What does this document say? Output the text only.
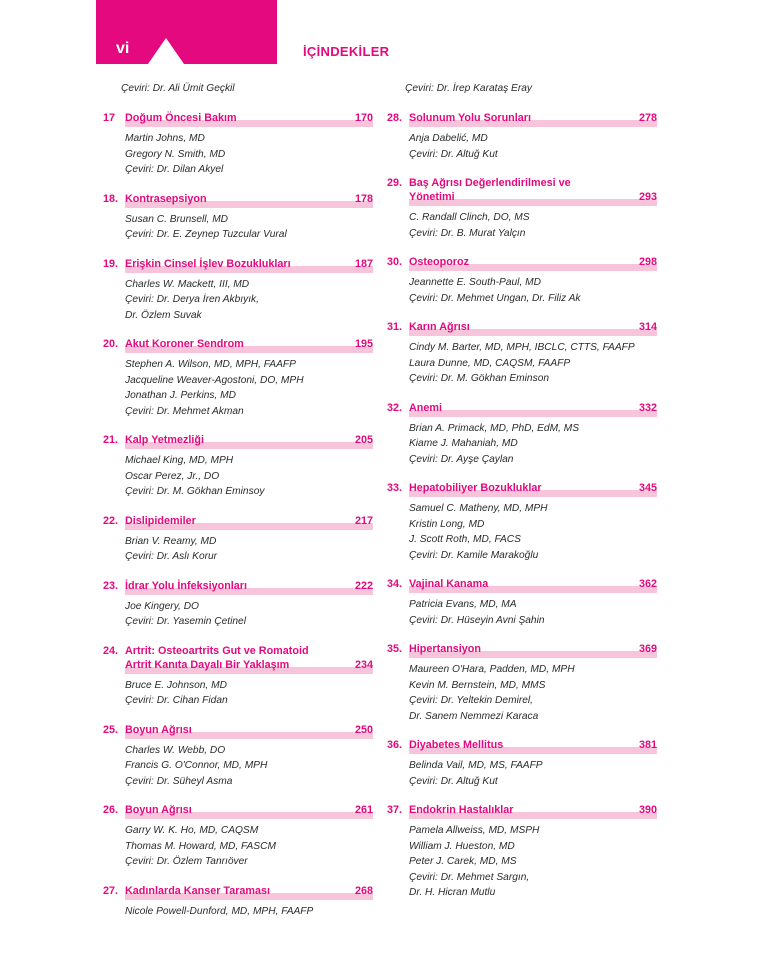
vi	İÇİNDEKİLER
Çeviri: Dr. Ali Ümit Geçkil
17 Doğum Öncesi Bakım	170
Martin Johns, MD
Gregory N. Smith, MD
Çeviri: Dr. Dilan Akyel
18. Kontrasepsiyon	178
Susan C. Brunsell, MD
Çeviri: Dr. E. Zeynep Tuzcular Vural
19. Erişkin Cinsel İşlev Bozuklukları	187
Charles W. Mackett, III, MD
Çeviri: Dr. Derya İren Akbıyık,
Dr. Özlem Suvak
20. Akut Koroner Sendrom	195
Stephen A. Wilson, MD, MPH, FAAFP
Jacqueline Weaver-Agostoni, DO, MPH
Jonathan J. Perkins, MD
Çeviri: Dr. Mehmet Akman
21. Kalp Yetmezliği	205
Michael King, MD, MPH
Oscar Perez, Jr., DO
Çeviri: Dr. M. Gökhan Eminsoy
22. Dislipidemiler	217
Brian V. Reamy, MD
Çeviri: Dr. Aslı Korur
23. İdrar Yolu İnfeksiyonları	222
Joe Kingery, DO
Çeviri: Dr. Yasemin Çetinel
24. Artrit: Osteoartrits Gut ve Romatoid Artrit Kanıta Dayalı Bir Yaklaşım	234
Bruce E. Johnson, MD
Çeviri: Dr. Cihan Fidan
25. Boyun Ağrısı	250
Charles W. Webb, DO
Francis G. O'Connor, MD, MPH
Çeviri: Dr. Süheyl Asma
26. Boyun Ağrısı	261
Garry W. K. Ho, MD, CAQSM
Thomas M. Howard, MD, FASCM
Çeviri: Dr. Özlem Tanrıöver
27. Kadınlarda Kanser Taraması	268
Nicole Powell-Dunford, MD, MPH, FAAFP
Çeviri: Dr. İrep Karataş Eray
28. Solunum Yolu Sorunları	278
Anja Dabelić, MD
Çeviri: Dr. Altuğ Kut
29. Baş Ağrısı Değerlendirilmesi ve Yönetimi	293
C. Randall Clinch, DO, MS
Çeviri: Dr. B. Murat Yalçın
30. Osteoporoz	298
Jeannette E. South-Paul, MD
Çeviri: Dr. Mehmet Ungan, Dr. Filiz Ak
31. Karın Ağrısı	314
Cindy M. Barter, MD, MPH, IBCLC, CTTS, FAAFP
Laura Dunne, MD, CAQSM, FAAFP
Çeviri: Dr. M. Gökhan Eminson
32. Anemi	332
Brian A. Primack, MD, PhD, EdM, MS
Kiame J. Mahaniah, MD
Çeviri: Dr. Ayşe Çaylan
33. Hepatobiliyer Bozukluklar	345
Samuel C. Matheny, MD, MPH
Kristin Long, MD
J. Scott Roth, MD, FACS
Çeviri: Dr. Kamile Marakoğlu
34. Vajinal Kanama	362
Patricia Evans, MD, MA
Çeviri: Dr. Hüseyin Avni Şahin
35. Hipertansiyon	369
Maureen O'Hara, Padden, MD, MPH
Kevin M. Bernstein, MD, MMS
Çeviri: Dr. Yeltekin Demirel,
Dr. Sanem Nemmezi Karaca
36. Diyabetes Mellitus	381
Belinda Vail, MD, MS, FAAFP
Çeviri: Dr. Altuğ Kut
37. Endokrin Hastalıklar	390
Pamela Allweiss, MD, MSPH
William J. Hueston, MD
Peter J. Carek, MD, MS
Çeviri: Dr. Mehmet Sargın,
Dr. H. Hicran Mutlu
